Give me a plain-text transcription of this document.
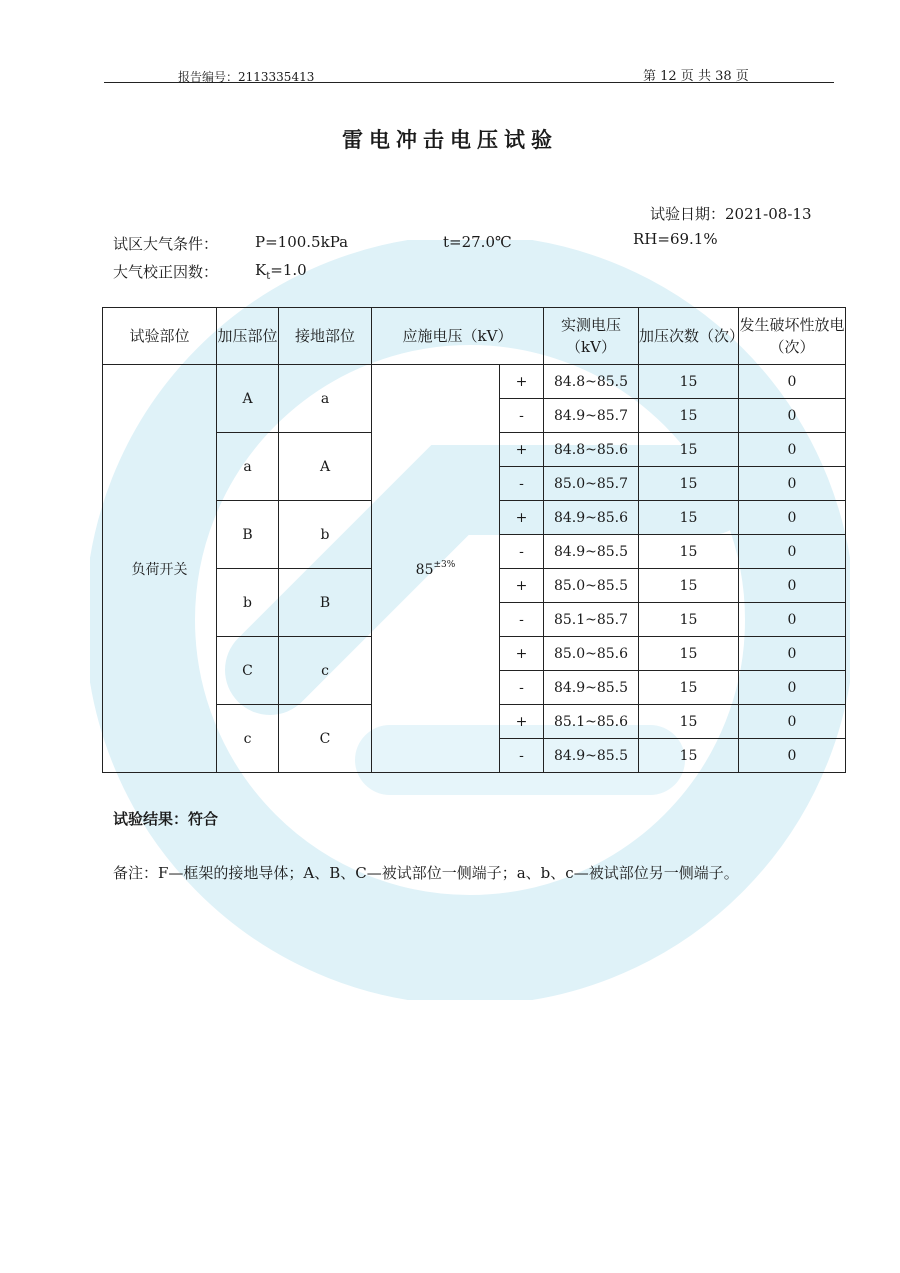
报告编号：2113335413	第 12 页 共 38 页
雷电冲击电压试验
试验日期：2021-08-13
试区大气条件： P=100.5kPa	t=27.0℃	RH=69.1%
大气校正因数： $K_t=1.0$
试验部位	加压部位	接地部位	应施电压（kV）		实测电压（kV）	加压次数（次）	发生破坏性放电（次）
负荷开关	A	a	$85^{\pm 3\%}$	+	84.8~85.5	15	0
				-	84.9~85.7	15	0
	a	A		+	84.8~85.6	15	0
				-	85.0~85.7	15	0
	B	b		+	84.9~85.6	15	0
				-	84.9~85.5	15	0
	b	B		+	85.0~85.5	15	0
				-	85.1~85.7	15	0
	C	c		+	85.0~85.6	15	0
				-	84.9~85.5	15	0
	c	C		+	85.1~85.6	15	0
				-	84.9~85.5	15	0
试验结果：符合
备注：F—框架的接地导体；A、B、C—被试部位一侧端子；a、b、c—被试部位另一侧端子。
